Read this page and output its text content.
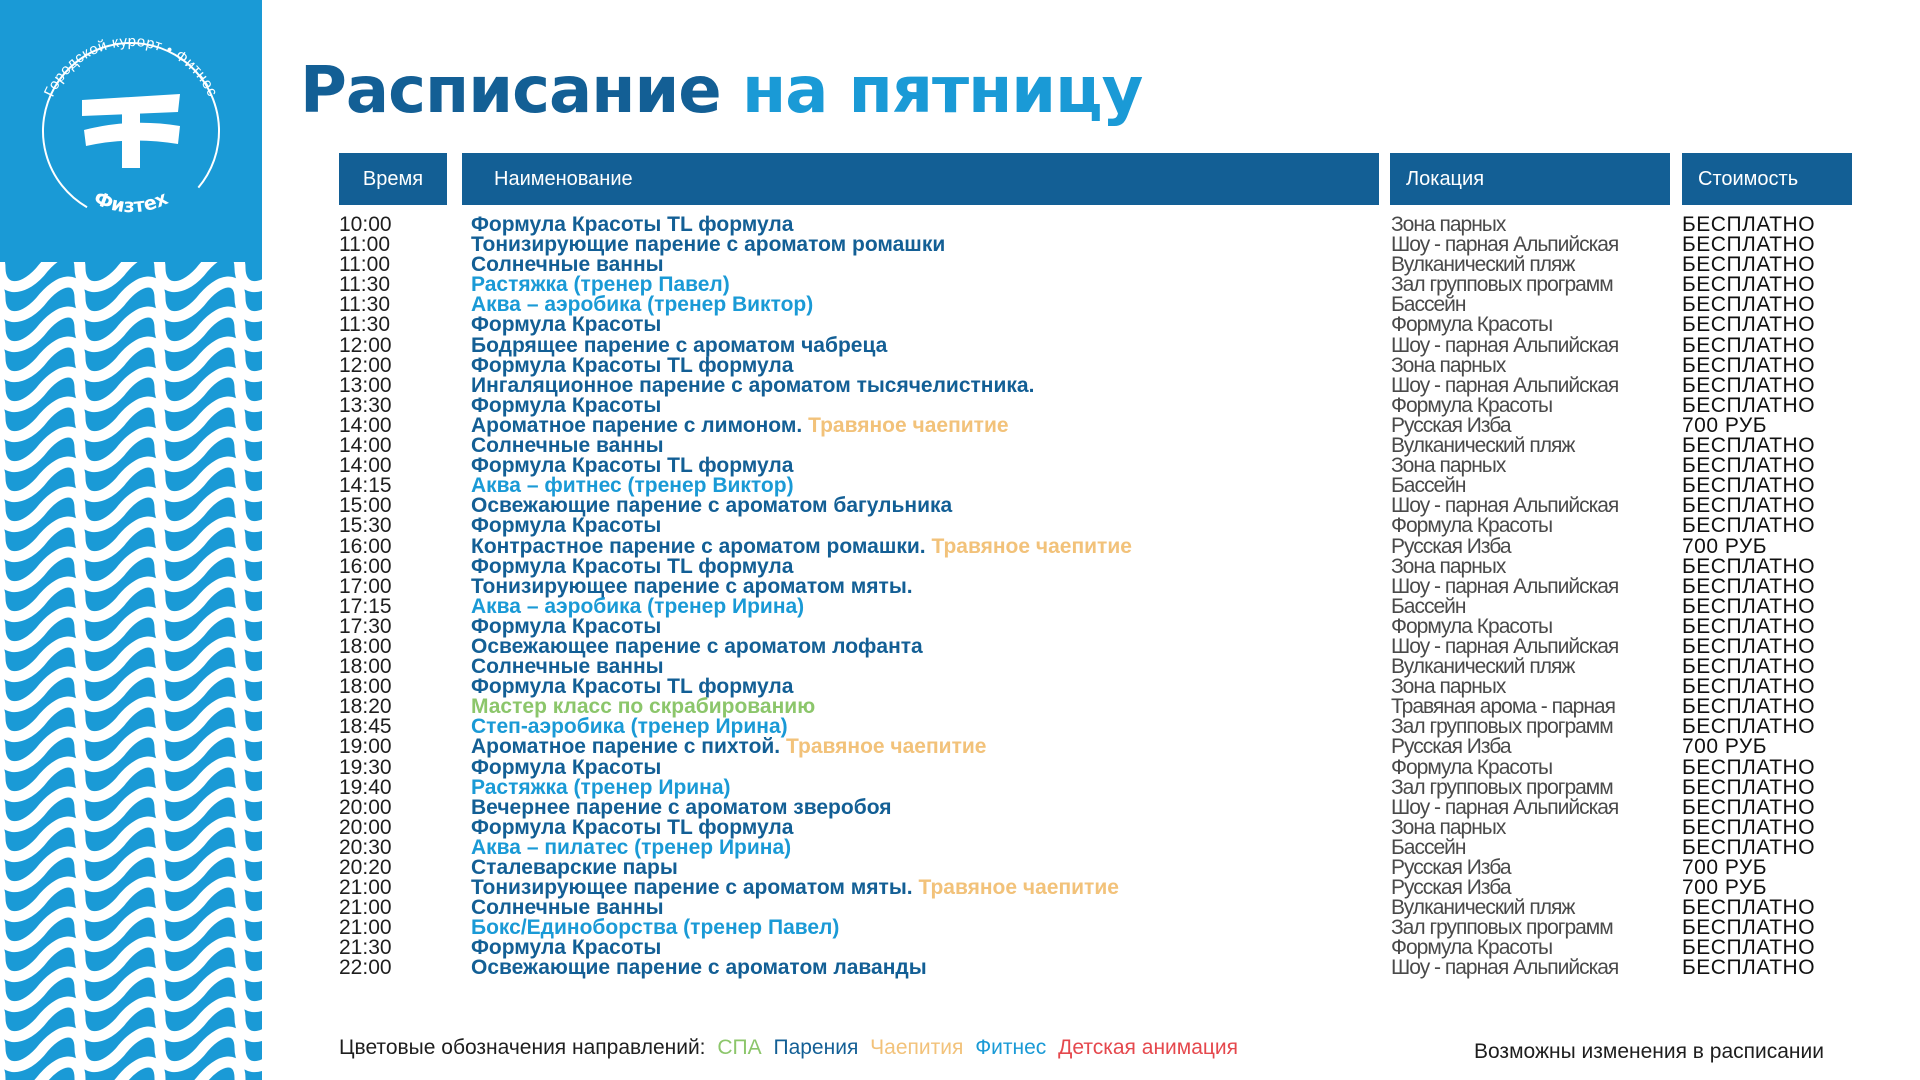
Городской курорт • Фитнес
Физтех
Расписание на пятницу
Время	Наименование	Локация	Стоимость
10:00	Формула Красоты TL формула	Зона парных	БЕСПЛАТНО
11:00	Тонизирующие парение с ароматом ромашки	Шоу - парная Альпийская	БЕСПЛАТНО
11:00	Солнечные ванны	Вулканический пляж	БЕСПЛАТНО
11:30	Растяжка (тренер Павел)	Зал групповых программ	БЕСПЛАТНО
11:30	Аква – аэробика (тренер Виктор)	Бассейн	БЕСПЛАТНО
11:30	Формула Красоты	Формула Красоты	БЕСПЛАТНО
12:00	Бодрящее парение с ароматом чабреца	Шоу - парная Альпийская	БЕСПЛАТНО
12:00	Формула Красоты TL формула	Зона парных	БЕСПЛАТНО
13:00	Ингаляционное парение с ароматом тысячелистника.	Шоу - парная Альпийская	БЕСПЛАТНО
13:30	Формула Красоты	Формула Красоты	БЕСПЛАТНО
14:00	Ароматное парение с лимоном. Травяное чаепитие	Русская Изба	700 РУБ
14:00	Солнечные ванны	Вулканический пляж	БЕСПЛАТНО
14:00	Формула Красоты TL формула	Зона парных	БЕСПЛАТНО
14:15	Аква – фитнес (тренер Виктор)	Бассейн	БЕСПЛАТНО
15:00	Освежающие парение с ароматом багульника	Шоу - парная Альпийская	БЕСПЛАТНО
15:30	Формула Красоты	Формула Красоты	БЕСПЛАТНО
16:00	Контрастное парение с ароматом ромашки. Травяное чаепитие	Русская Изба	700 РУБ
16:00	Формула Красоты TL формула	Зона парных	БЕСПЛАТНО
17:00	Тонизирующее парение с ароматом мяты.	Шоу - парная Альпийская	БЕСПЛАТНО
17:15	Аква – аэробика (тренер Ирина)	Бассейн	БЕСПЛАТНО
17:30	Формула Красоты	Формула Красоты	БЕСПЛАТНО
18:00	Освежающее парение с ароматом лофанта	Шоу - парная Альпийская	БЕСПЛАТНО
18:00	Солнечные ванны	Вулканический пляж	БЕСПЛАТНО
18:00	Формула Красоты TL формула	Зона парных	БЕСПЛАТНО
18:20	Мастер класс по скрабированию	Травяная арома - парная	БЕСПЛАТНО
18:45	Степ-аэробика (тренер Ирина)	Зал групповых программ	БЕСПЛАТНО
19:00	Ароматное парение с пихтой. Травяное чаепитие	Русская Изба	700 РУБ
19:30	Формула Красоты	Формула Красоты	БЕСПЛАТНО
19:40	Растяжка (тренер Ирина)	Зал групповых программ	БЕСПЛАТНО
20:00	Вечернее парение с ароматом зверобоя	Шоу - парная Альпийская	БЕСПЛАТНО
20:00	Формула Красоты TL формула	Зона парных	БЕСПЛАТНО
20:30	Аква – пилатес (тренер Ирина)	Бассейн	БЕСПЛАТНО
20:20	Сталеварские пары	Русская Изба	700 РУБ
21:00	Тонизирующее парение с ароматом мяты. Травяное чаепитие	Русская Изба	700 РУБ
21:00	Солнечные ванны	Вулканический пляж	БЕСПЛАТНО
21:00	Бокс/Единоборства (тренер Павел)	Зал групповых программ	БЕСПЛАТНО
21:30	Формула Красоты	Формула Красоты	БЕСПЛАТНО
22:00	Освежающие парение с ароматом лаванды	Шоу - парная Альпийская	БЕСПЛАТНО
Цветовые обозначения направлений: СПА Парения Чаепития Фитнес Детская анимация	Возможны изменения в расписании
